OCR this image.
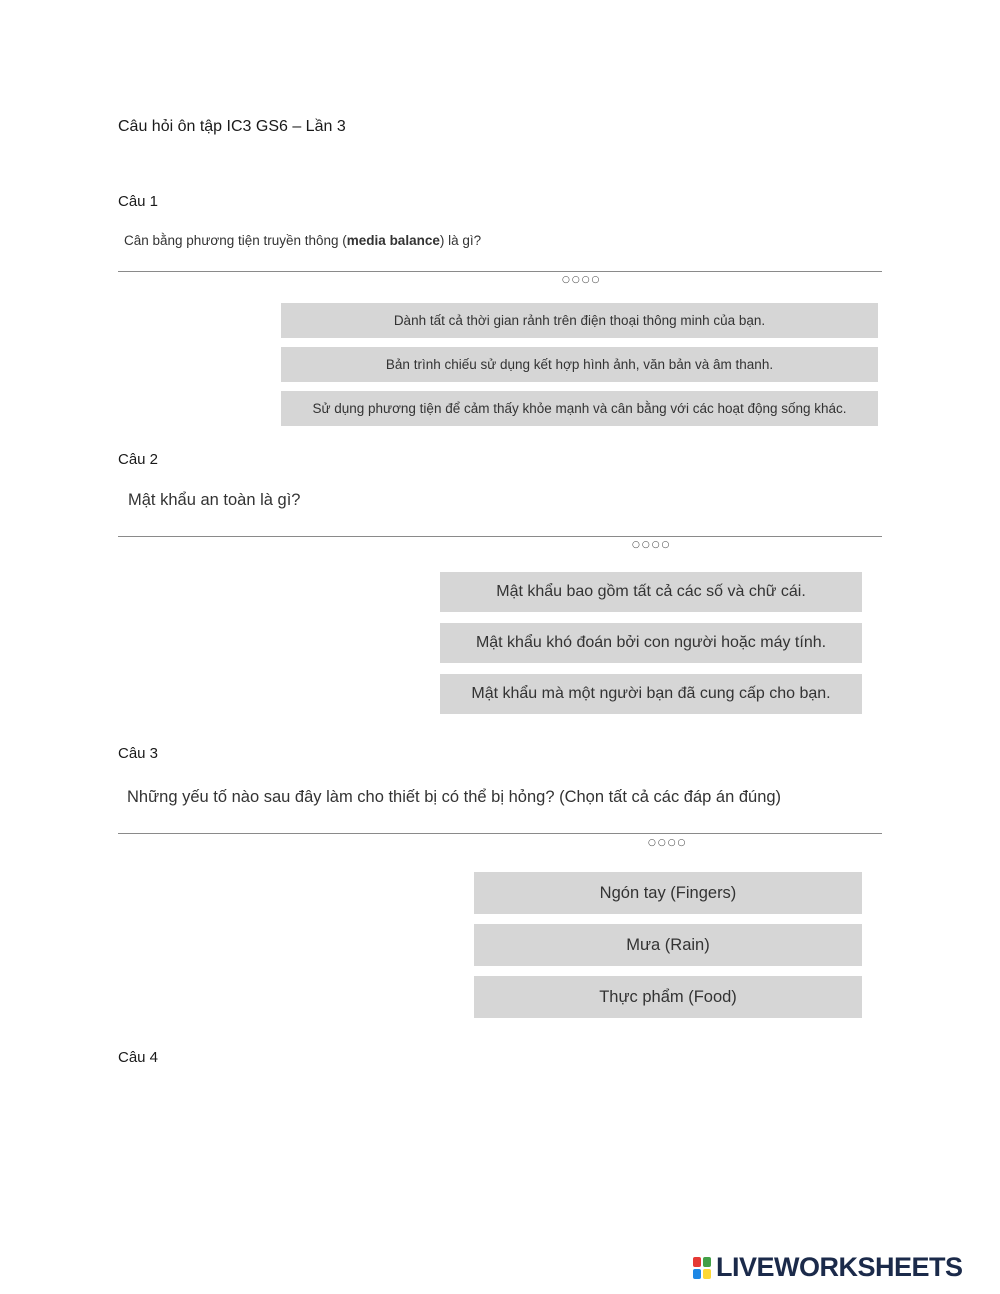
Câu hỏi ôn tập IC3 GS6 – Lần 3
Câu 1
Cân bằng phương tiện truyền thông (media balance) là gì?
○○○○
Dành tất cả thời gian rảnh trên điện thoại thông minh của bạn.
Bản trình chiếu sử dụng kết hợp hình ảnh, văn bản và âm thanh.
Sử dụng phương tiện để cảm thấy khỏe mạnh và cân bằng với các hoạt động sống khác.
Câu 2
Mật khẩu an toàn là gì?
○○○○
Mật khẩu bao gồm tất cả các số và chữ cái.
Mật khẩu khó đoán bởi con người hoặc máy tính.
Mật khẩu mà một người bạn đã cung cấp cho bạn.
Câu 3
Những yếu tố nào sau đây làm cho thiết bị có thể bị hỏng? (Chọn tất cả các đáp án đúng)
○○○○
Ngón tay (Fingers)
Mưa (Rain)
Thực phẩm (Food)
Câu 4
LIVEWORKSHEETS
